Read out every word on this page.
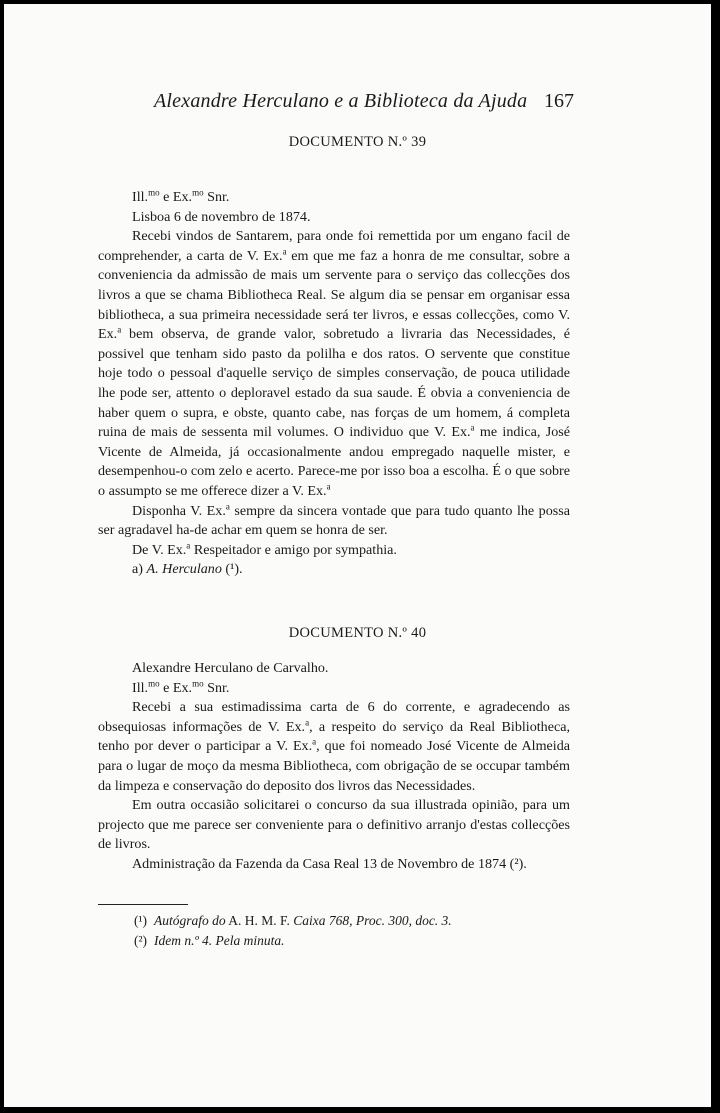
Alexandre Herculano e a Biblioteca da Ajuda 167
DOCUMENTO N.º 39

Ill.$^{mo}$ e Ex.$^{mo}$ Snr.

Lisboa 6 de novembro de 1874.

Recebi vindos de Santarem, para onde foi remettida por um engano facil de comprehender, a carta de V. Ex.$^a$ em que me faz a honra de me consultar, sobre a conveniencia da admissão de mais um servente para o serviço das collecções dos livros a que se chama Bibliotheca Real. Se algum dia se pensar em organisar essa bibliotheca, a sua primeira necessidade será ter livros, e essas collecções, como V. Ex.$^a$ bem observa, de grande valor, sobretudo a livraria das Necessidades, é possivel que tenham sido pasto da polilha e dos ratos. O servente que constitue hoje todo o pessoal d'aquelle serviço de simples conservação, de pouca utilidade lhe pode ser, attento o deploravel estado da sua saude. É obvia a conveniencia de haber quem o supra, e obste, quanto cabe, nas forças de um homem, á completa ruina de mais de sessenta mil volumes. O individuo que V. Ex.$^a$ me indica, José Vicente de Almeida, já occasionalmente andou empregado naquelle mister, e desempenhou-o com zelo e acerto. Parece-me por isso boa a escolha. É o que sobre o assumpto se me offerece dizer a V. Ex.$^a$

Disponha V. Ex.$^a$ sempre da sincera vontade que para tudo quanto lhe possa ser agradavel ha-de achar em quem se honra de ser.

De V. Ex.$^a$ Respeitador e amigo por sympathia.

a) A. Herculano (¹).

DOCUMENTO N.º 40

Alexandre Herculano de Carvalho.

Ill.$^{mo}$ e Ex.$^{mo}$ Snr.

Recebi a sua estimadissima carta de 6 do corrente, e agradecendo as obsequiosas informações de V. Ex.$^a$, a respeito do serviço da Real Bibliotheca, tenho por dever o participar a V. Ex.$^a$, que foi nomeado José Vicente de Almeida para o lugar de moço da mesma Bibliotheca, com obrigação de se occupar também da limpeza e conservação do deposito dos livros das Necessidades.

Em outra occasião solicitarei o concurso da sua illustrada opinião, para um projecto que me parece ser conveniente para o definitivo arranjo d'estas collecções de livros.

Administração da Fazenda da Casa Real 13 de Novembro de 1874 (²).

(¹) Autógrafo do A. H. M. F. Caixa 768, Proc. 300, doc. 3.

(²) Idem n.º 4. Pela minuta.
